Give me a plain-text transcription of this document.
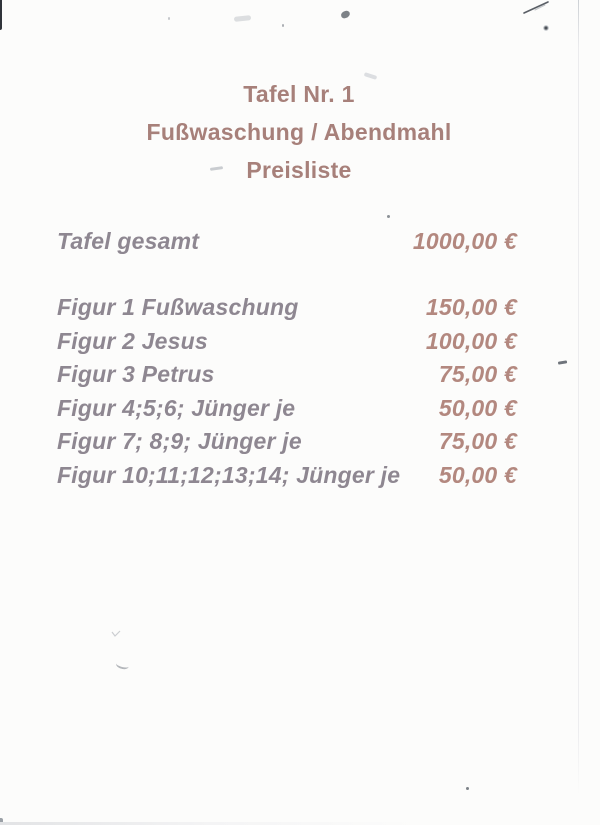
Tafel Nr. 1
Fußwaschung / Abendmahl
Preisliste
Tafel gesamt	1000,00 €
Figur 1 Fußwaschung	150,00 €
Figur 2 Jesus	100,00 €
Figur 3 Petrus	75,00 €
Figur 4;5;6; Jünger je	50,00 €
Figur 7; 8;9; Jünger je	75,00 €
Figur 10;11;12;13;14; Jünger je 50,00 €
